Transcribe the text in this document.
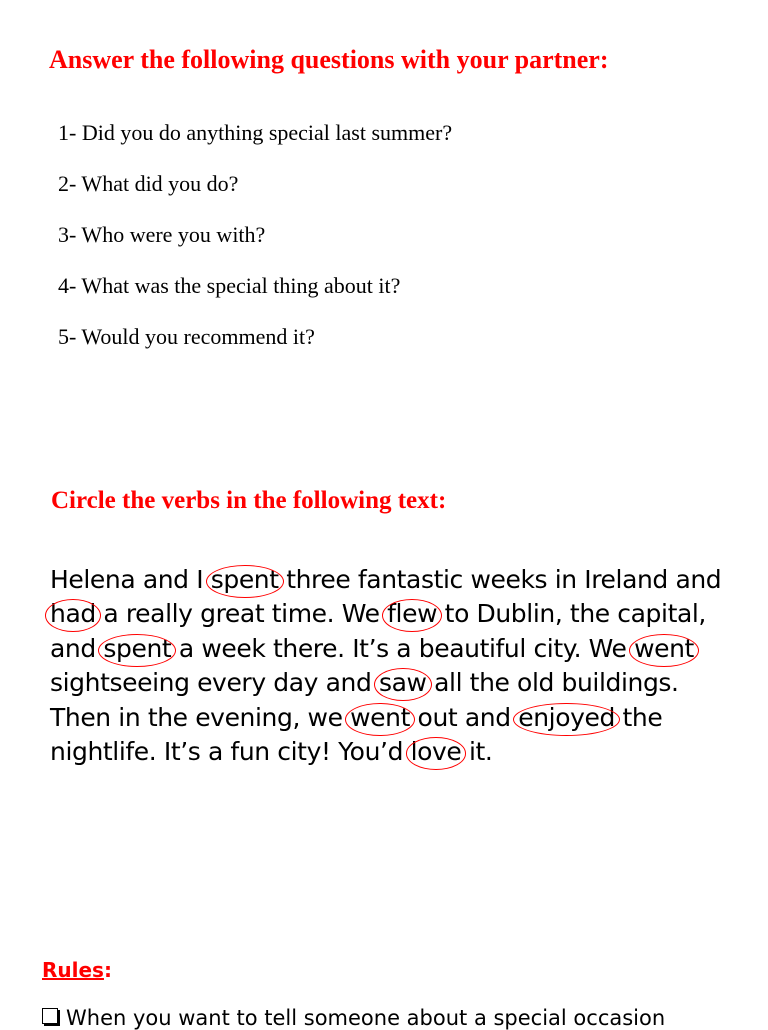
Answer the following questions with your partner:
1- Did you do anything special last summer?
2- What did you do?
3- Who were you with?
4- What was the special thing about it?
5- Would you recommend it?
Circle the verbs in the following text:
Helena and I spent three fantastic weeks in Ireland and
had a really great time. We flew to Dublin, the capital,
and spent a week there. It’s a beautiful city. We went
sightseeing every day and saw all the old buildings.
Then in the evening, we went out and enjoyed the
nightlife. It’s a fun city! You’d love it.
Rules:
When you want to tell someone about a special occasion
